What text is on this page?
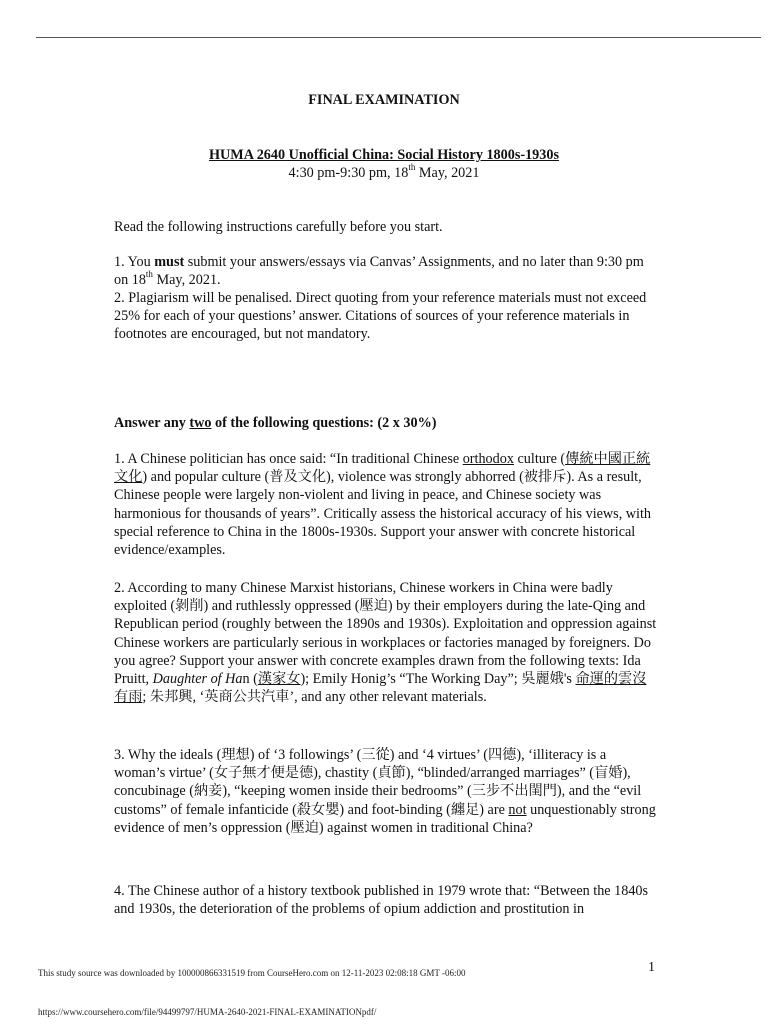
FINAL EXAMINATION
HUMA 2640 Unofficial China: Social History 1800s-1930s
4:30 pm-9:30 pm, 18th May, 2021

Read the following instructions carefully before you start.

1. You must submit your answers/essays via Canvas’ Assignments, and no later than 9:30 pm on 18th May, 2021.

2. Plagiarism will be penalised. Direct quoting from your reference materials must not exceed 25% for each of your questions’ answer. Citations of sources of your reference materials in footnotes are encouraged, but not mandatory.

Answer any two of the following questions: (2 x 30%)

1. A Chinese politician has once said: “In traditional Chinese orthodox culture (傳統中國正統文化) and popular culture (普及文化), violence was strongly abhorred (被排斥). As a result, Chinese people were largely non-violent and living in peace, and Chinese society was harmonious for thousands of years”. Critically assess the historical accuracy of his views, with special reference to China in the 1800s-1930s. Support your answer with concrete historical evidence/examples.

2. According to many Chinese Marxist historians, Chinese workers in China were badly exploited (剝削) and ruthlessly oppressed (壓迫) by their employers during the late-Qing and Republican period (roughly between the 1890s and 1930s). Exploitation and oppression against Chinese workers are particularly serious in workplaces or factories managed by foreigners. Do you agree? Support your answer with concrete examples drawn from the following texts: Ida Pruitt, Daughter of Han (漢家女); Emily Honig’s “The Working Day”; 吳麗娥's 命運的雲沒有雨; 朱邦興, ‘英商公共汽車’, and any other relevant materials.

3. Why the ideals (理想) of ‘3 followings’ (三從) and ‘4 virtues’ (四德), ‘illiteracy is a woman’s virtue’ (女子無才便是德), chastity (貞節), “blinded/arranged marriages” (盲婚), concubinage (納妾), “keeping women inside their bedrooms” (三步不出閨門), and the “evil customs” of female infanticide (殺女嬰) and foot-binding (纏足) are not unquestionably strong evidence of men’s oppression (壓迫) against women in traditional China?

4. The Chinese author of a history textbook published in 1979 wrote that: “Between the 1840s and 1930s, the deterioration of the problems of opium addiction and prostitution in

1
This study source was downloaded by 100000866331519 from CourseHero.com on 12-11-2023 02:08:18 GMT -06:00
https://www.coursehero.com/file/94499797/HUMA-2640-2021-FINAL-EXAMINATIONpdf/
